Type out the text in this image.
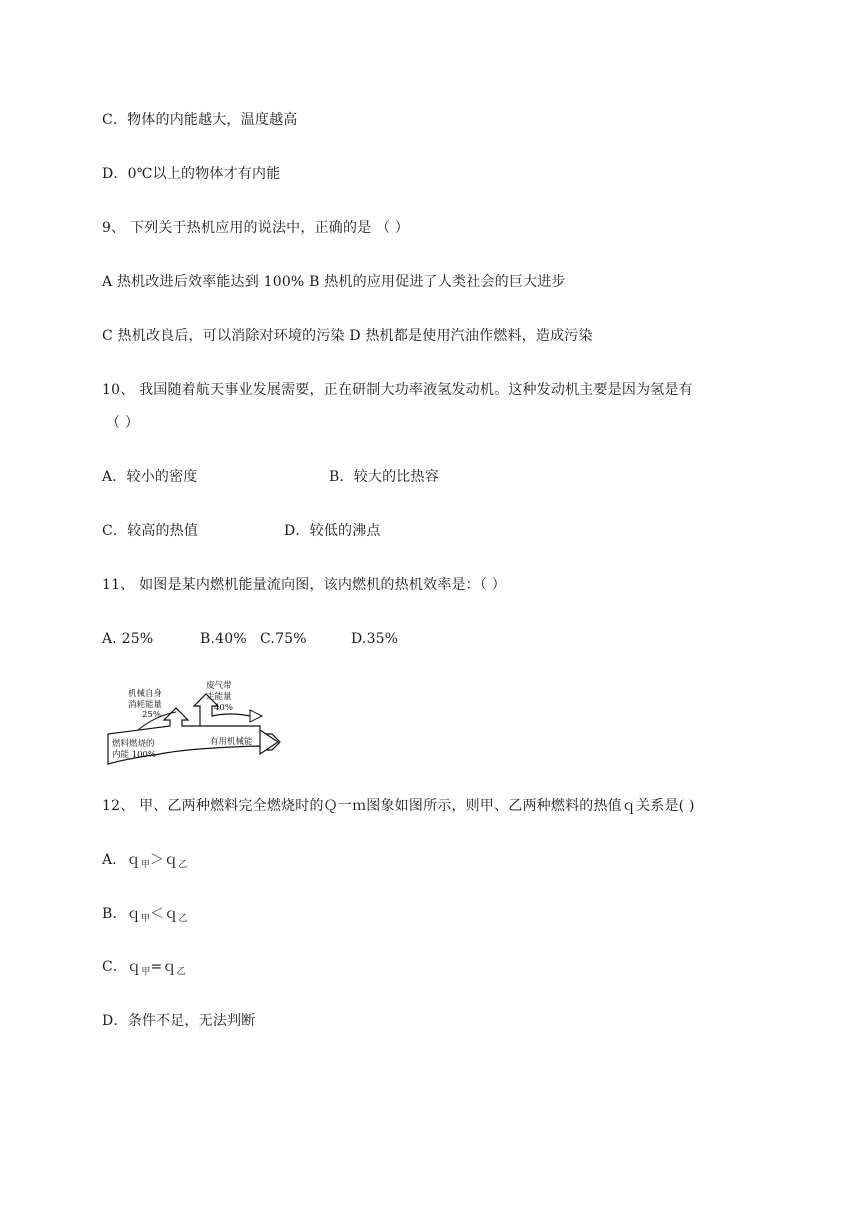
C．物体的内能越大，温度越高
D．0℃以上的物体才有内能
9、 下列关于热机应用的说法中，正确的是 （ ）
A 热机改进后效率能达到 100% B 热机的应用促进了人类社会的巨大进步
C 热机改良后，可以消除对环境的污染 D 热机都是使用汽油作燃料，造成污染
10、 我国随着航天事业发展需要，正在研制大功率液氢发动机。这种发动机主要是因为氢是有
（ ）
A．较小的密度	B．较大的比热容
C．较高的热值	D．较低的沸点
11、 如图是某内燃机能量流向图，该内燃机的热机效率是：（ ）
A. 25%	B.40% C.75%	D.35%
机械自身
消耗能量
25%
废气带
走能量
40%
燃料燃烧的
内能 100%
有用机械能
12、 甲、乙两种燃料完全燃烧时的Ｑ一ｍ图象如图所示，则甲、乙两种燃料的热值ｑ关系是( )
A．ｑ$_甲$＞ｑ$_乙$
B．ｑ$_甲$＜ｑ$_乙$
C．ｑ$_甲$=ｑ$_乙$
D．条件不足，无法判断
